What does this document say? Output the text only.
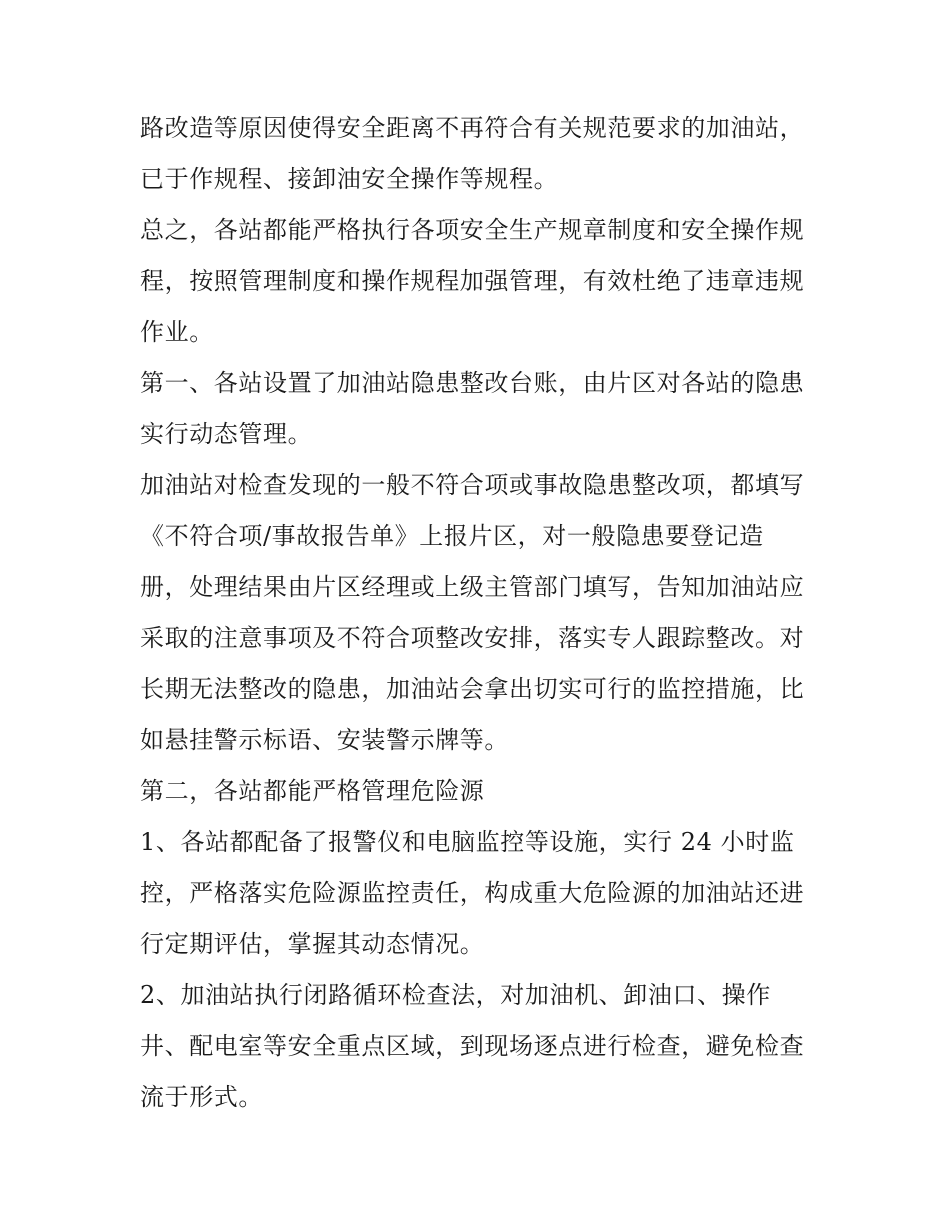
路改造等原因使得安全距离不再符合有关规范要求的加油站，
已于作规程、接卸油安全操作等规程。
总之，各站都能严格执行各项安全生产规章制度和安全操作规
程，按照管理制度和操作规程加强管理，有效杜绝了违章违规
作业。
第一、各站设置了加油站隐患整改台账，由片区对各站的隐患
实行动态管理。
加油站对检查发现的一般不符合项或事故隐患整改项，都填写
《不符合项/事故报告单》上报片区，对一般隐患要登记造
册，处理结果由片区经理或上级主管部门填写，告知加油站应
采取的注意事项及不符合项整改安排，落实专人跟踪整改。对
长期无法整改的隐患，加油站会拿出切实可行的监控措施，比
如悬挂警示标语、安装警示牌等。
第二，各站都能严格管理危险源
1、各站都配备了报警仪和电脑监控等设施，实行 24 小时监
控，严格落实危险源监控责任，构成重大危险源的加油站还进
行定期评估，掌握其动态情况。
2、加油站执行闭路循环检查法，对加油机、卸油口、操作
井、配电室等安全重点区域，到现场逐点进行检查，避免检查
流于形式。
